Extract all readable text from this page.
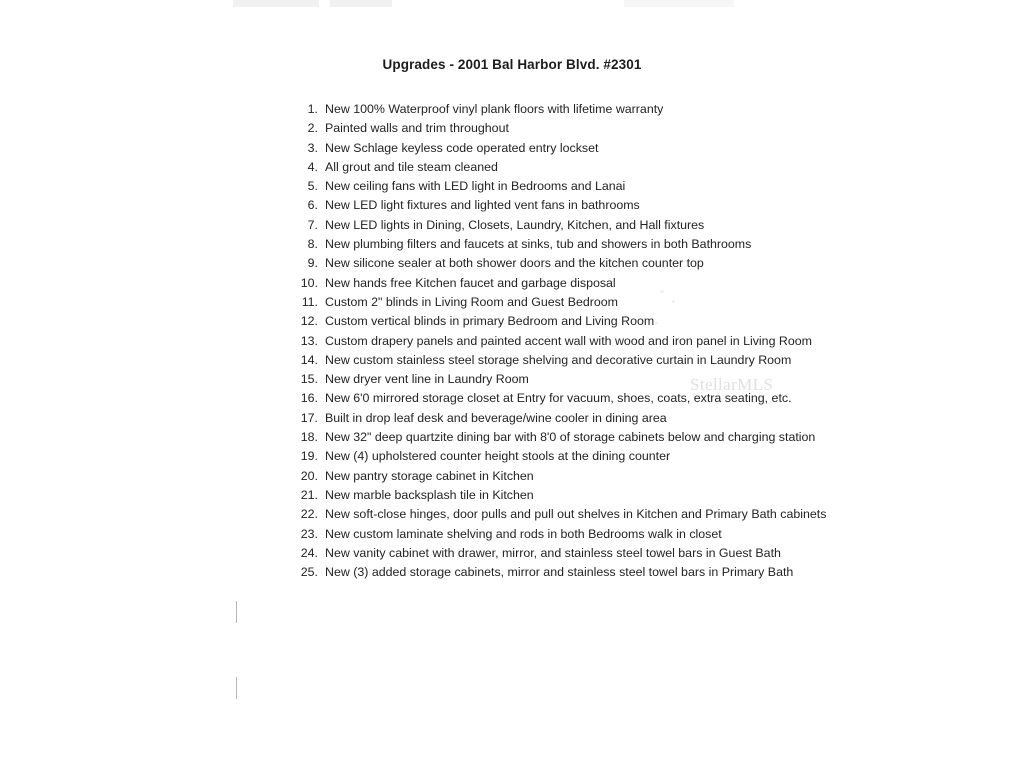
Upgrades - 2001 Bal Harbor Blvd. #2301
1. New 100% Waterproof vinyl plank floors with lifetime warranty
2. Painted walls and trim throughout
3. New Schlage keyless code operated entry lockset
4. All grout and tile steam cleaned
5. New ceiling fans with LED light in Bedrooms and Lanai
6. New LED light fixtures and lighted vent fans in bathrooms
7. New LED lights in Dining, Closets, Laundry, Kitchen, and Hall fixtures
8. New plumbing filters and faucets at sinks, tub and showers in both Bathrooms
9. New silicone sealer at both shower doors and the kitchen counter top
10. New hands free Kitchen faucet and garbage disposal
11. Custom 2" blinds in Living Room and Guest Bedroom
12. Custom vertical blinds in primary Bedroom and Living Room
13. Custom drapery panels and painted accent wall with wood and iron panel in Living Room
14. New custom stainless steel storage shelving and decorative curtain in Laundry Room
15. New dryer vent line in Laundry Room
16. New 6'0 mirrored storage closet at Entry for vacuum, shoes, coats, extra seating, etc.
17. Built in drop leaf desk and beverage/wine cooler in dining area
18. New 32" deep quartzite dining bar with 8'0 of storage cabinets below and charging station
19. New (4) upholstered counter height stools at the dining counter
20. New pantry storage cabinet in Kitchen
21. New marble backsplash tile in Kitchen
22. New soft-close hinges, door pulls and pull out shelves in Kitchen and Primary Bath cabinets
23. New custom laminate shelving and rods in both Bedrooms walk in closet
24. New vanity cabinet with drawer, mirror, and stainless steel towel bars in Guest Bath
25. New (3) added storage cabinets, mirror and stainless steel towel bars in Primary Bath
StellarMLS
